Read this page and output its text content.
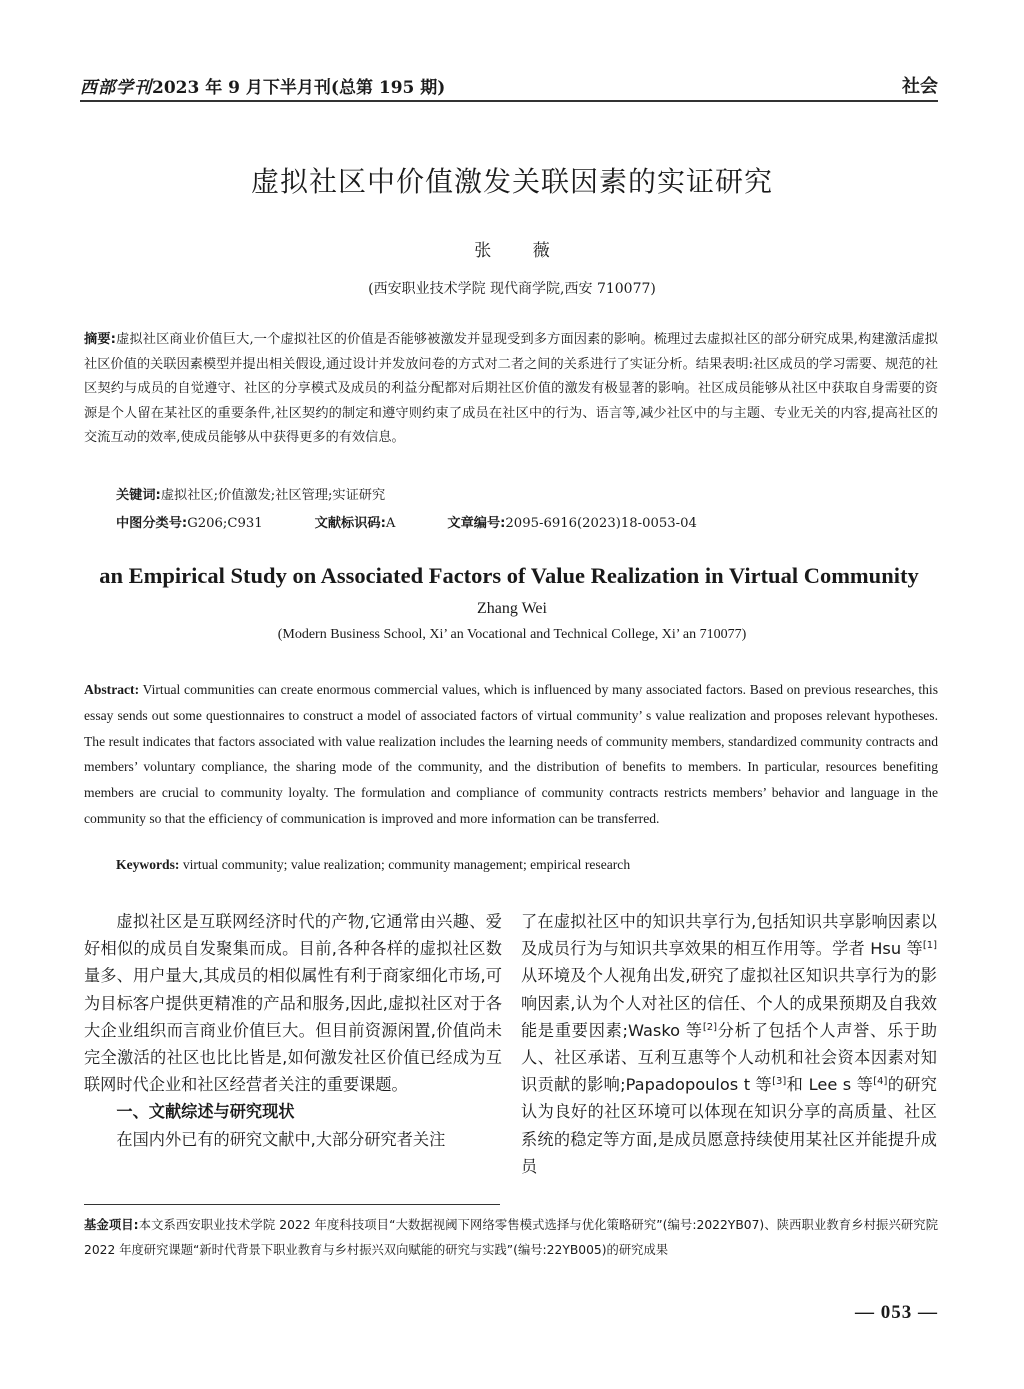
西部学刊 2023 年 9 月下半月刊(总第 195 期)	社会
虚拟社区中价值激发关联因素的实证研究
张 薇
(西安职业技术学院 现代商学院,西安 710077)
摘要:虚拟社区商业价值巨大,一个虚拟社区的价值是否能够被激发并显现受到多方面因素的影响。梳理过去虚拟社区的部分研究成果,构建激活虚拟社区价值的关联因素模型并提出相关假设,通过设计并发放问卷的方式对二者之间的关系进行了实证分析。结果表明:社区成员的学习需要、规范的社区契约与成员的自觉遵守、社区的分享模式及成员的利益分配都对后期社区价值的激发有极显著的影响。社区成员能够从社区中获取自身需要的资源是个人留在某社区的重要条件,社区契约的制定和遵守则约束了成员在社区中的行为、语言等,减少社区中的与主题、专业无关的内容,提高社区的交流互动的效率,使成员能够从中获得更多的有效信息。
关键词:虚拟社区;价值激发;社区管理;实证研究
中图分类号:G206;C931	文献标识码:A	文章编号:2095-6916(2023)18-0053-04
an Empirical Study on Associated Factors of Value Realization in Virtual Community
Zhang Wei
(Modern Business School, Xi’ an Vocational and Technical College, Xi’ an 710077)
Abstract: Virtual communities can create enormous commercial values, which is influenced by many associated factors. Based on previous researches, this essay sends out some questionnaires to construct a model of associated factors of virtual community’ s value realization and proposes relevant hypotheses. The result indicates that factors associated with value realization includes the learning needs of community members, standardized community contracts and members’ voluntary compliance, the sharing mode of the community, and the distribution of benefits to members. In particular, resources benefiting members are crucial to community loyalty. The formulation and compliance of community contracts restricts members’ behavior and language in the community so that the efficiency of communication is improved and more information can be transferred.
Keywords: virtual community; value realization; community management; empirical research

虚拟社区是互联网经济时代的产物,它通常由兴趣、爱好相似的成员自发聚集而成。目前,各种各样的虚拟社区数量多、用户量大,其成员的相似属性有利于商家细化市场,可为目标客户提供更精准的产品和服务,因此,虚拟社区对于各大企业组织而言商业价值巨大。但目前资源闲置,价值尚未完全激活的社区也比比皆是,如何激发社区价值已经成为互联网时代企业和社区经营者关注的重要课题。

一、文献综述与研究现状

在国内外已有的研究文献中,大部分研究者关注

了在虚拟社区中的知识共享行为,包括知识共享影响因素以及成员行为与知识共享效果的相互作用等。学者 Hsu 等[1]从环境及个人视角出发,研究了虚拟社区知识共享行为的影响因素,认为个人对社区的信任、个人的成果预期及自我效能是重要因素;Wasko 等[2]分析了包括个人声誉、乐于助人、社区承诺、互利互惠等个人动机和社会资本因素对知识贡献的影响;Papadopoulos t 等[3]和 Lee s 等[4]的研究认为良好的社区环境可以体现在知识分享的高质量、社区系统的稳定等方面,是成员愿意持续使用某社区并能提升成员

基金项目:本文系西安职业技术学院 2022 年度科技项目“大数据视阈下网络零售模式选择与优化策略研究”(编号:2022YB07)、陕西职业教育乡村振兴研究院 2022 年度研究课题“新时代背景下职业教育与乡村振兴双向赋能的研究与实践”(编号:22YB005)的研究成果
— 053 —
